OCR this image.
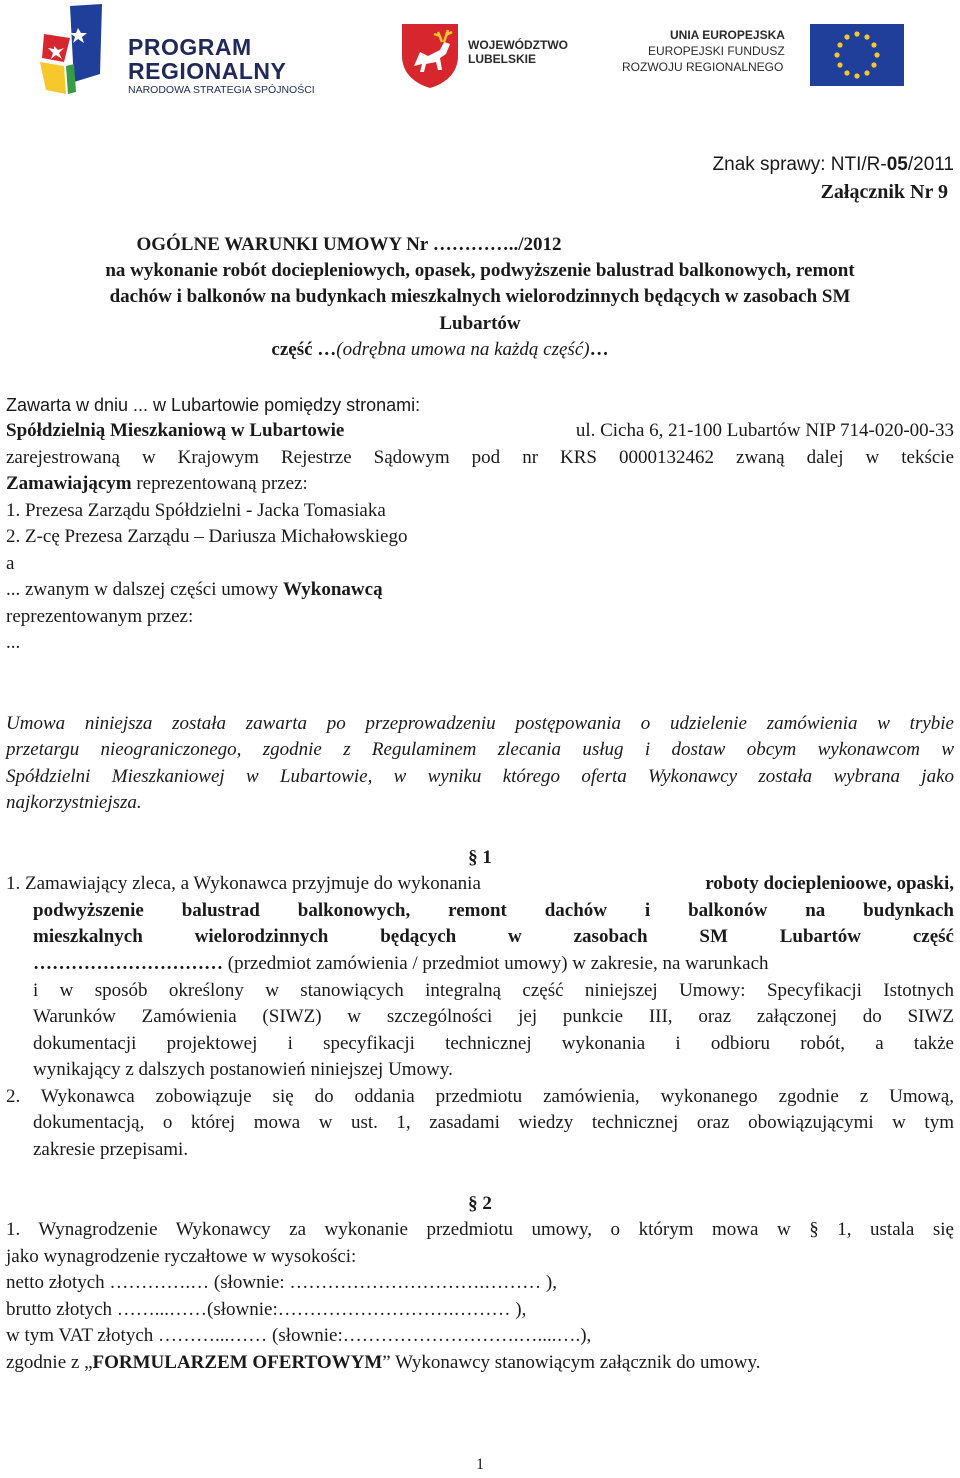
PROGRAM
REGIONALNY
NARODOWA STRATEGIA SPÓJNOŚCI
WOJEWÓDZTWO
LUBELSKIE
UNIA EUROPEJSKA
EUROPEJSKI FUNDUSZ
ROZWOJU REGIONALNEGO
Znak sprawy: NTI/R-05/2011
Załącznik Nr 9
OGÓLNE WARUNKI UMOWY Nr …………../2012
na wykonanie robót dociepleniowych, opasek, podwyższenie balustrad balkonowych, remont
dachów i balkonów na budynkach mieszkalnych wielorodzinnych będących w zasobach SM
Lubartów
część …(odrębna umowa na każdą część)…
Zawarta w dniu ... w Lubartowie pomiędzy stronami:
Spółdzielnią Mieszkaniową w Lubartowie	ul. Cicha 6, 21-100 Lubartów NIP 714-020-00-33
zarejestrowaną w Krajowym Rejestrze Sądowym pod nr KRS 0000132462 zwaną dalej w tekście
Zamawiającym reprezentowaną przez:
1. Prezesa Zarządu Spółdzielni - Jacka Tomasiaka
2. Z-cę Prezesa Zarządu – Dariusza Michałowskiego
a
... zwanym w dalszej części umowy Wykonawcą
reprezentowanym przez:
...
Umowa niniejsza została zawarta po przeprowadzeniu postępowania o udzielenie zamówienia w trybie
przetargu nieograniczonego, zgodnie z Regulaminem zlecania usług i dostaw obcym wykonawcom w
Spółdzielni Mieszkaniowej w Lubartowie, w wyniku którego oferta Wykonawcy została wybrana jako
najkorzystniejsza.
§ 1
1. Zamawiający zleca, a Wykonawca przyjmuje do wykonania	roboty docieplenioowe, opaski,
podwyższenie balustrad balkonowych, remont dachów i balkonów na budynkach
mieszkalnych wielorodzinnych będących w zasobach SM Lubartów część
………………………… (przedmiot zamówienia / przedmiot umowy) w zakresie, na warunkach
i w sposób określony w stanowiących integralną część niniejszej Umowy: Specyfikacji Istotnych
Warunków Zamówienia (SIWZ) w szczególności jej punkcie III, oraz załączonej do SIWZ
dokumentacji projektowej i specyfikacji technicznej wykonania i odbioru robót, a także
wynikający z dalszych postanowień niniejszej Umowy.
2. Wykonawca zobowiązuje się do oddania przedmiotu zamówienia, wykonanego zgodnie z Umową,
dokumentacją, o której mowa w ust. 1, zasadami wiedzy technicznej oraz obowiązującymi w tym
zakresie przepisami.
§ 2
1. Wynagrodzenie Wykonawcy za wykonanie przedmiotu umowy, o którym mowa w § 1, ustala się
jako wynagrodzenie ryczałtowe w wysokości:
netto złotych ………….… (słownie: ………………………….……… ),
brutto złotych ……...……(słownie:……………………….……… ),
w tym VAT złotych ………...…… (słownie:……………………….…....….),
zgodnie z „FORMULARZEM OFERTOWYM” Wykonawcy stanowiącym załącznik do umowy.
1
